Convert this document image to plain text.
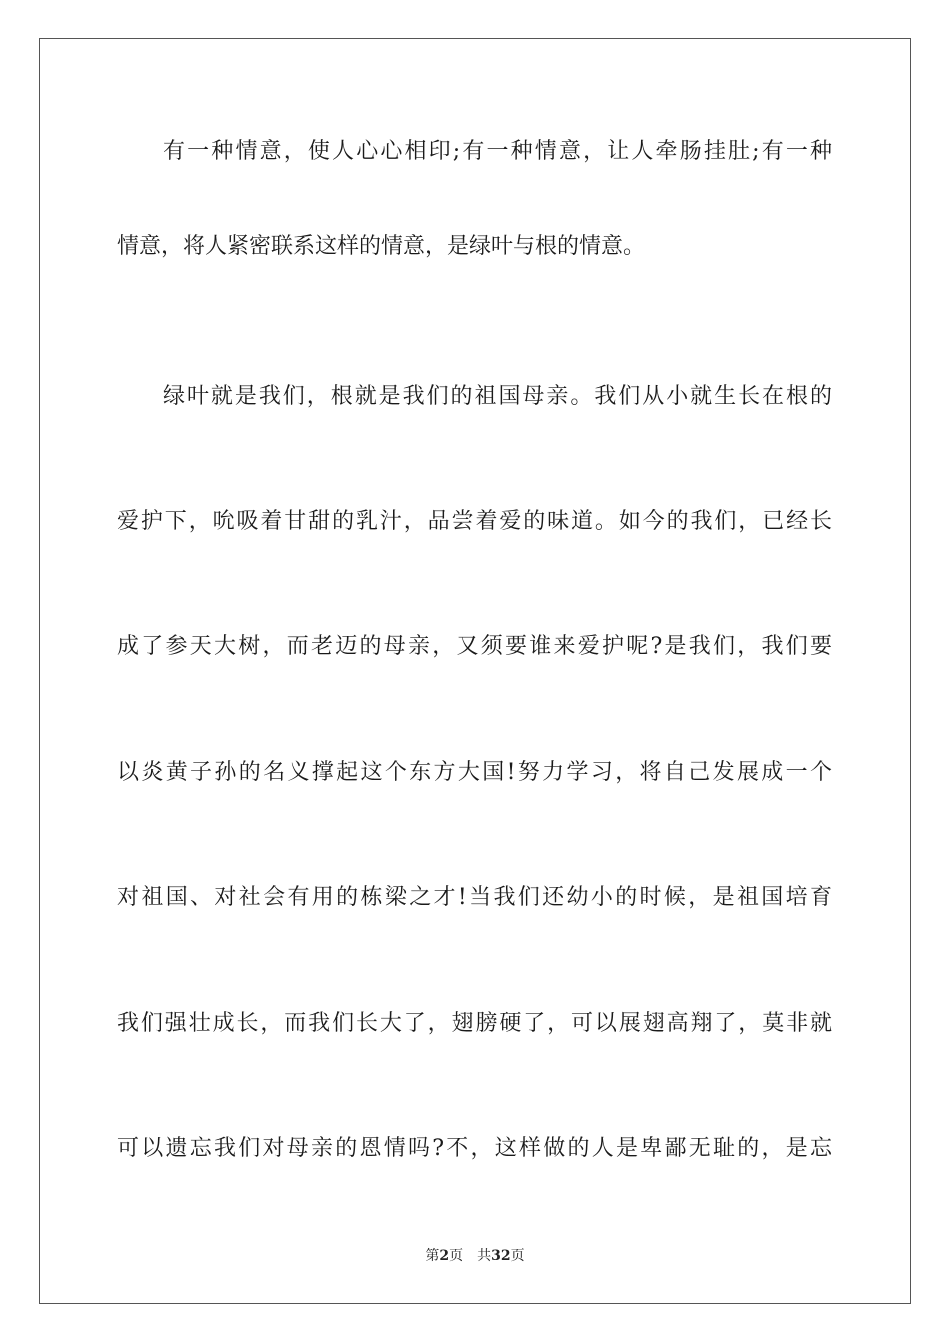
有一种情意，使人心心相印;有一种情意，让人牵肠挂肚;有一种
情意，将人紧密联系这样的情意，是绿叶与根的情意。
绿叶就是我们，根就是我们的祖国母亲。我们从小就生长在根的
爱护下，吮吸着甘甜的乳汁，品尝着爱的味道。如今的我们，已经长
成了参天大树，而老迈的母亲，又须要谁来爱护呢?是我们，我们要
以炎黄子孙的名义撑起这个东方大国!努力学习，将自己发展成一个
对祖国、对社会有用的栋梁之才!当我们还幼小的时候，是祖国培育
我们强壮成长，而我们长大了，翅膀硬了，可以展翅高翔了，莫非就
可以遗忘我们对母亲的恩情吗?不，这样做的人是卑鄙无耻的，是忘
第2页 共32页
